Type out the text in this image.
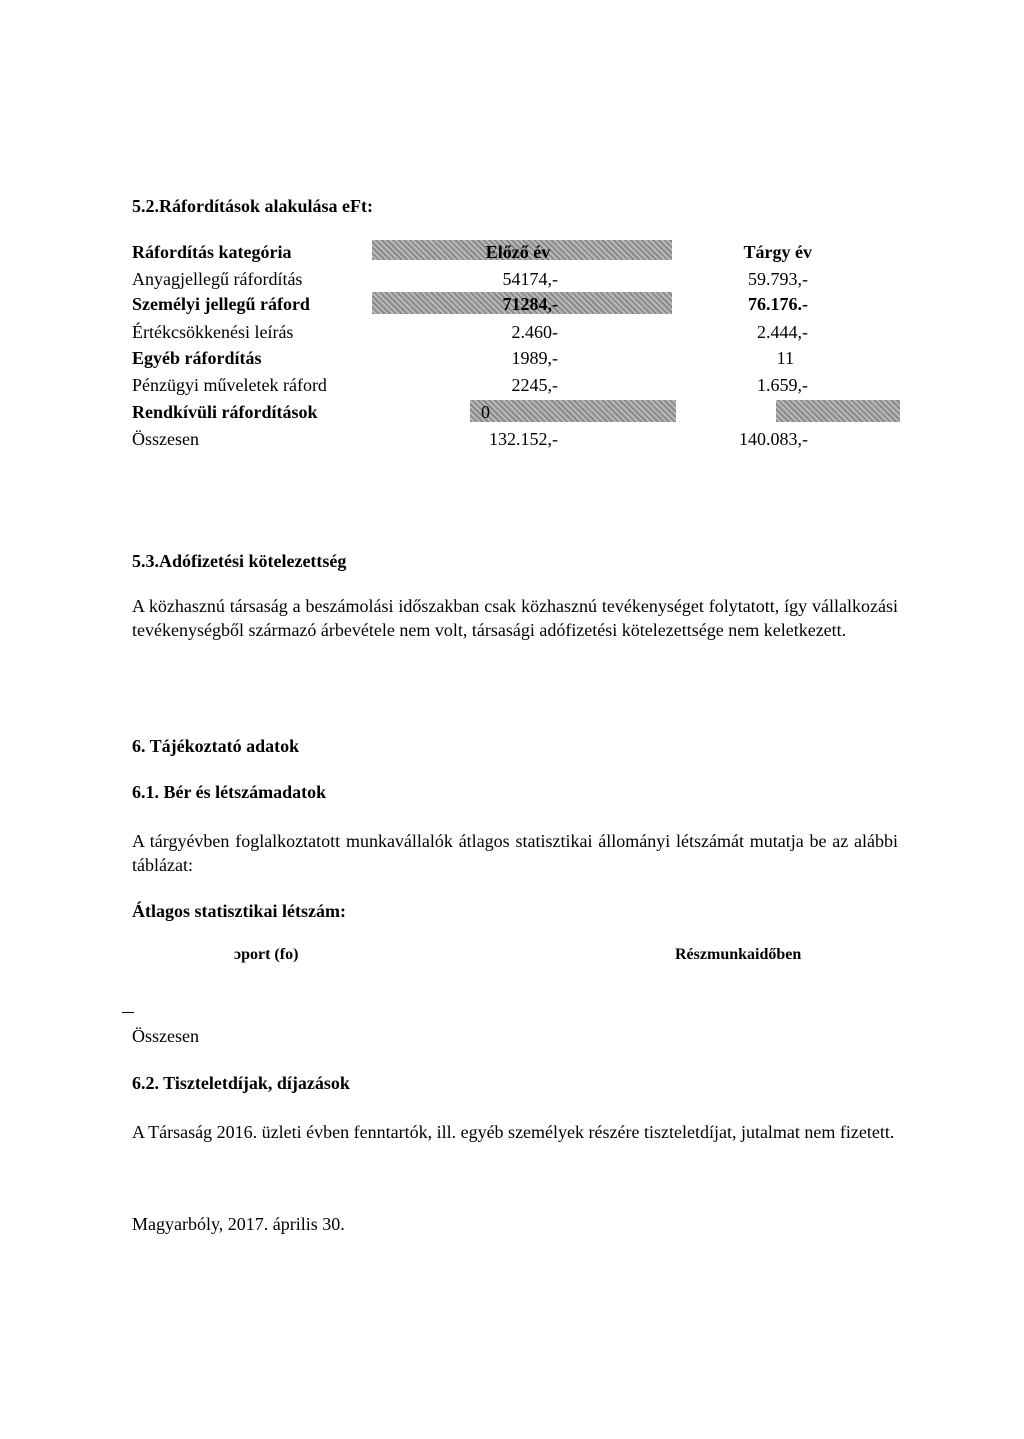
5.2.Ráfordítások alakulása eFt:
Ráfordítás kategória	Előző év	Tárgy év
Anyagjellegű ráfordítás	54174,-	59.793,-
Személyi jellegű ráford	71284,-	76.176.-
Értékcsökkenési leírás	2.460-	2.444,-
Egyéb ráfordítás	1989,-	11
Pénzügyi műveletek ráford	2245,-	1.659,-
Rendkívüli ráfordítások	0
Összesen	132.152,-	140.083,-
5.3.Adófizetési kötelezettség
A közhasznú társaság a beszámolási időszakban csak közhasznú tevékenységet folytatott, így vállalkozási tevékenységből származó árbevétele nem volt, társasági adófizetési kötelezettsége nem keletkezett.
6. Tájékoztató adatok
6.1. Bér és létszámadatok
A tárgyévben foglalkoztatott munkavállalók átlagos statisztikai állományi létszámát mutatja be az alábbi táblázat:
Átlagos statisztikai létszám:
ɔport (fo)	Részmunkaidőben
Összesen
6.2. Tiszteletdíjak, díjazások
A Társaság 2016. üzleti évben fenntartók, ill. egyéb személyek részére tiszteletdíjat, jutalmat nem fizetett.
Magyarbóly, 2017. április 30.
